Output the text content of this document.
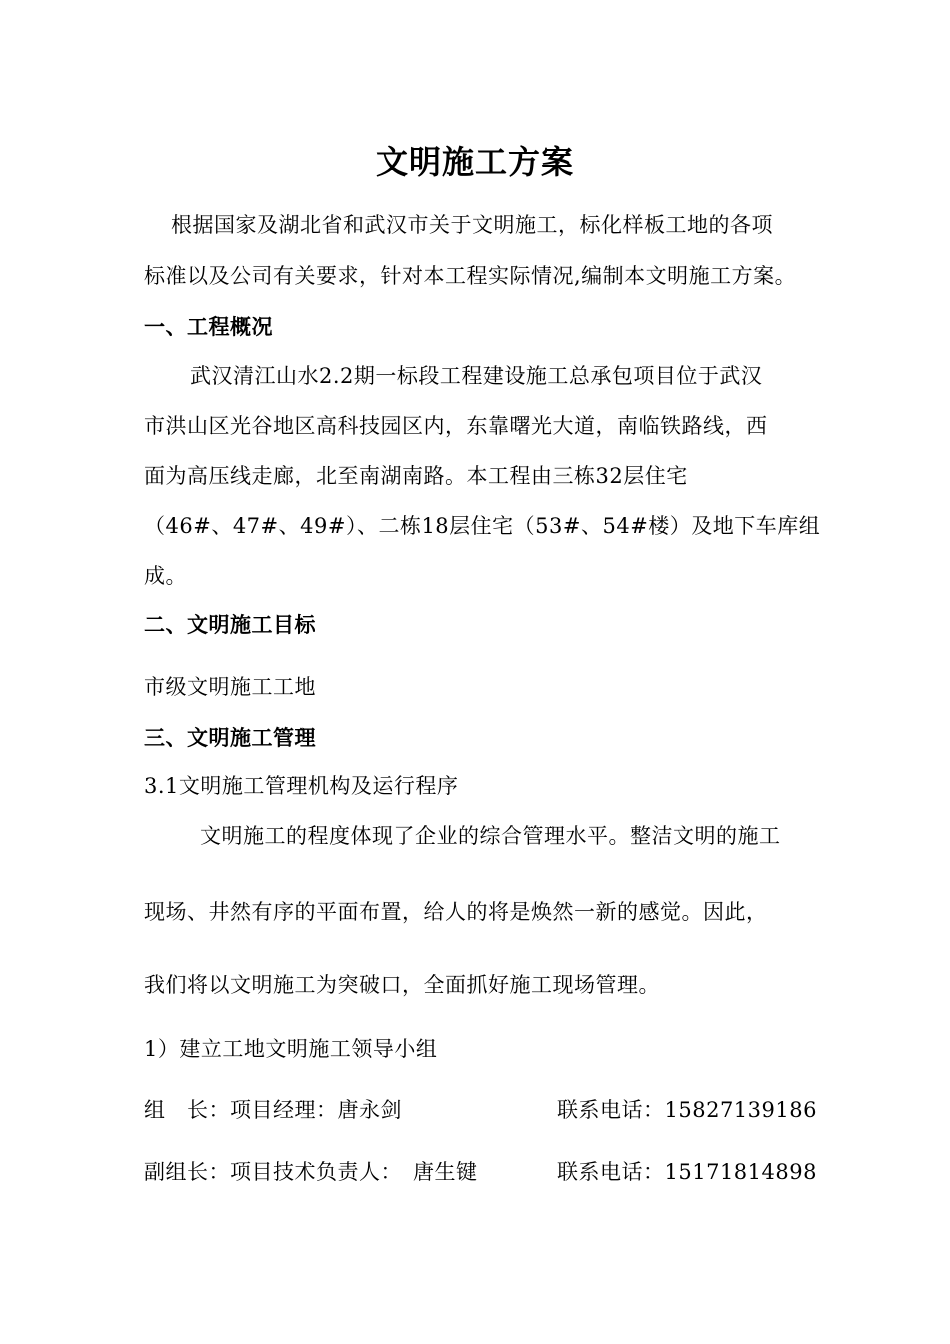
文明施工方案
根据国家及湖北省和武汉市关于文明施工，标化样板工地的各项
标准以及公司有关要求，针对本工程实际情况,编制本文明施工方案。
一、工程概况
武汉清江山水2.2期一标段工程建设施工总承包项目位于武汉
市洪山区光谷地区高科技园区内，东靠曙光大道，南临铁路线，西
面为高压线走廊，北至南湖南路。本工程由三栋32层住宅
（46#、47#、49#）、二栋18层住宅（53#、54#楼）及地下车库组
成。
二、文明施工目标
市级文明施工工地
三、文明施工管理
3.1文明施工管理机构及运行程序
文明施工的程度体现了企业的综合管理水平。整洁文明的施工
现场、井然有序的平面布置，给人的将是焕然一新的感觉。因此，
我们将以文明施工为突破口，全面抓好施工现场管理。
1）建立工地文明施工领导小组
组　长：项目经理：唐永剑	联系电话：15827139186
副组长：项目技术负责人：　唐生键	联系电话：15171814898
